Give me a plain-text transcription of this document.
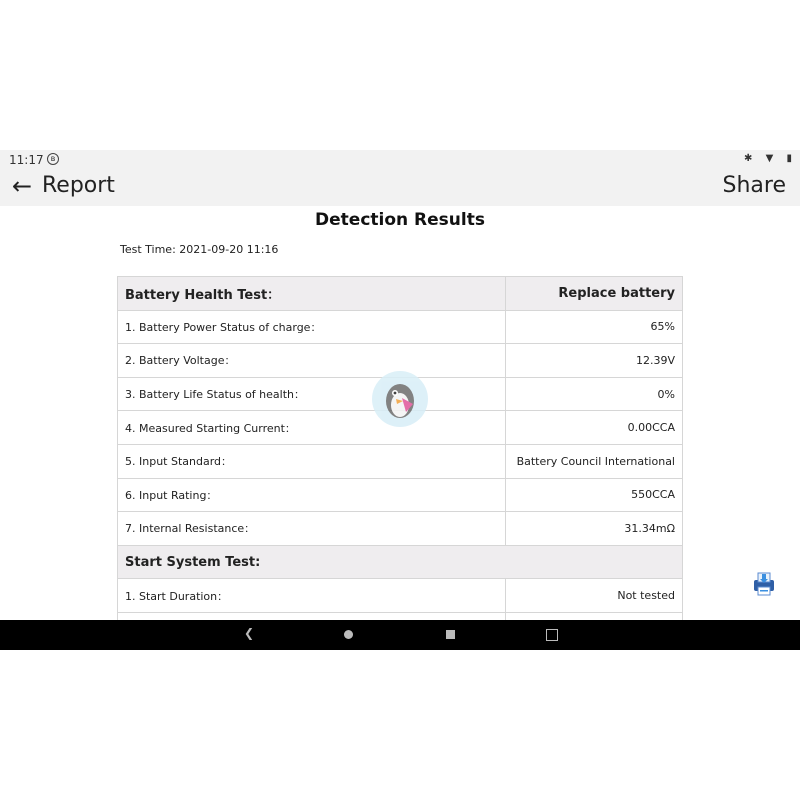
11:17 ʙ	✱ ▼ ▮
← Report	Share
Detection Results
Test Time: 2021-09-20 11:16
Battery Health Test：	Replace battery
1. Battery Power Status of charge：	65%
2. Battery Voltage：	12.39V
3. Battery Life Status of health：	0%
4. Measured Starting Current：	0.00CCA
5. Input Standard：	Battery Council International
6. Input Rating：	550CCA
7. Internal Resistance：	31.34mΩ
Start System Test:	
1. Start Duration：	Not tested

❮
